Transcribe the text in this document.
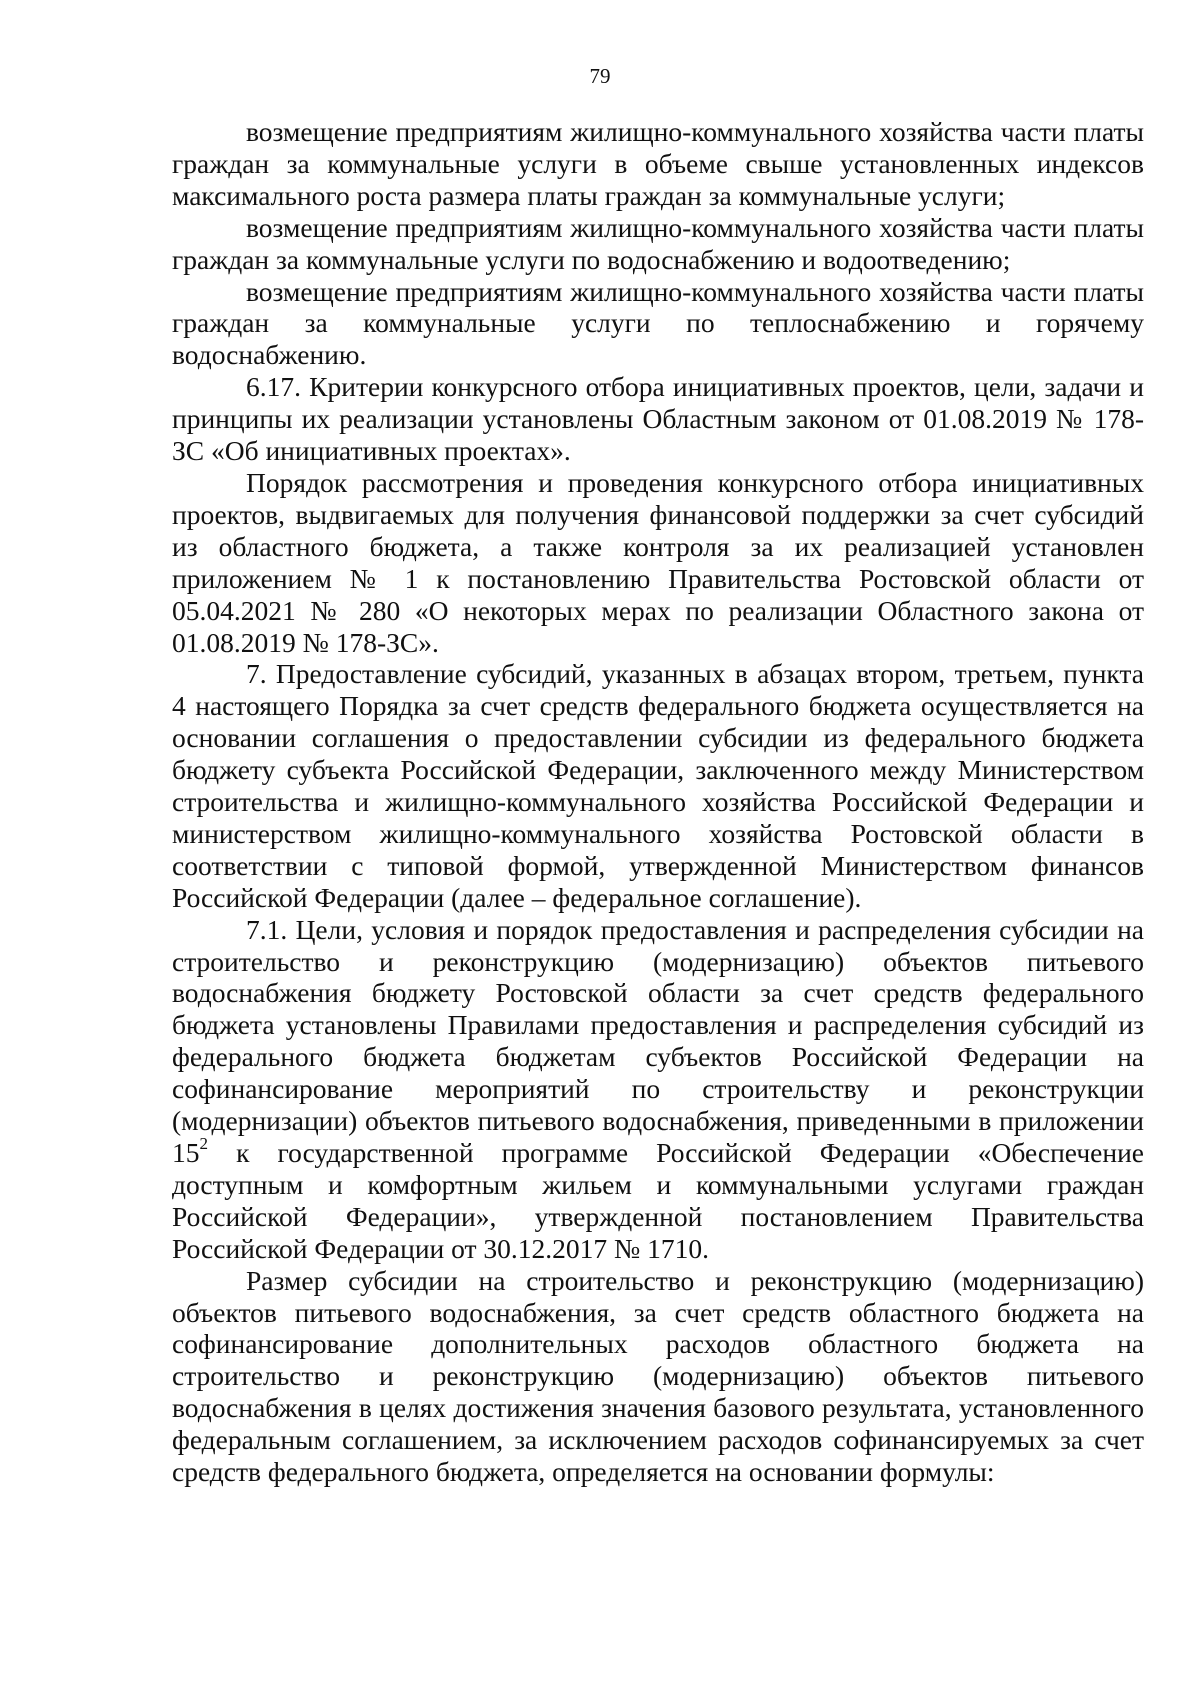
79

возмещение предприятиям жилищно-коммунального хозяйства части платы граждан за коммунальные услуги в объеме свыше установленных индексов максимального роста размера платы граждан за коммунальные услуги;

возмещение предприятиям жилищно-коммунального хозяйства части платы граждан за коммунальные услуги по водоснабжению и водоотведению;

возмещение предприятиям жилищно-коммунального хозяйства части платы граждан за коммунальные услуги по теплоснабжению и горячему водоснабжению.

6.17. Критерии конкурсного отбора инициативных проектов, цели, задачи и принципы их реализации установлены Областным законом от 01.08.2019 № 178-ЗС «Об инициативных проектах».

Порядок рассмотрения и проведения конкурсного отбора инициативных проектов, выдвигаемых для получения финансовой поддержки за счет субсидий из областного бюджета, а также контроля за их реализацией установлен приложением № 1 к постановлению Правительства Ростовской области от 05.04.2021 № 280 «О некоторых мерах по реализации Областного закона от 01.08.2019 № 178-ЗС».

7. Предоставление субсидий, указанных в абзацах втором, третьем, пункта 4 настоящего Порядка за счет средств федерального бюджета осуществляется на основании соглашения о предоставлении субсидии из федерального бюджета бюджету субъекта Российской Федерации, заключенного между Министерством строительства и жилищно-коммунального хозяйства Российской Федерации и министерством жилищно-коммунального хозяйства Ростовской области в соответствии с типовой формой, утвержденной Министерством финансов Российской Федерации (далее – федеральное соглашение).

7.1. Цели, условия и порядок предоставления и распределения субсидии на строительство и реконструкцию (модернизацию) объектов питьевого водоснабжения бюджету Ростовской области за счет средств федерального бюджета установлены Правилами предоставления и распределения субсидий из федерального бюджета бюджетам субъектов Российской Федерации на софинансирование мероприятий по строительству и реконструкции (модернизации) объектов питьевого водоснабжения, приведенными в приложении $15^2$ к государственной программе Российской Федерации «Обеспечение доступным и комфортным жильем и коммунальными услугами граждан Российской Федерации», утвержденной постановлением Правительства Российской Федерации от 30.12.2017 № 1710.

Размер субсидии на строительство и реконструкцию (модернизацию) объектов питьевого водоснабжения, за счет средств областного бюджета на софинансирование дополнительных расходов областного бюджета на строительство и реконструкцию (модернизацию) объектов питьевого водоснабжения в целях достижения значения базового результата, установленного федеральным соглашением, за исключением расходов софинансируемых за счет средств федерального бюджета, определяется на основании формулы:
